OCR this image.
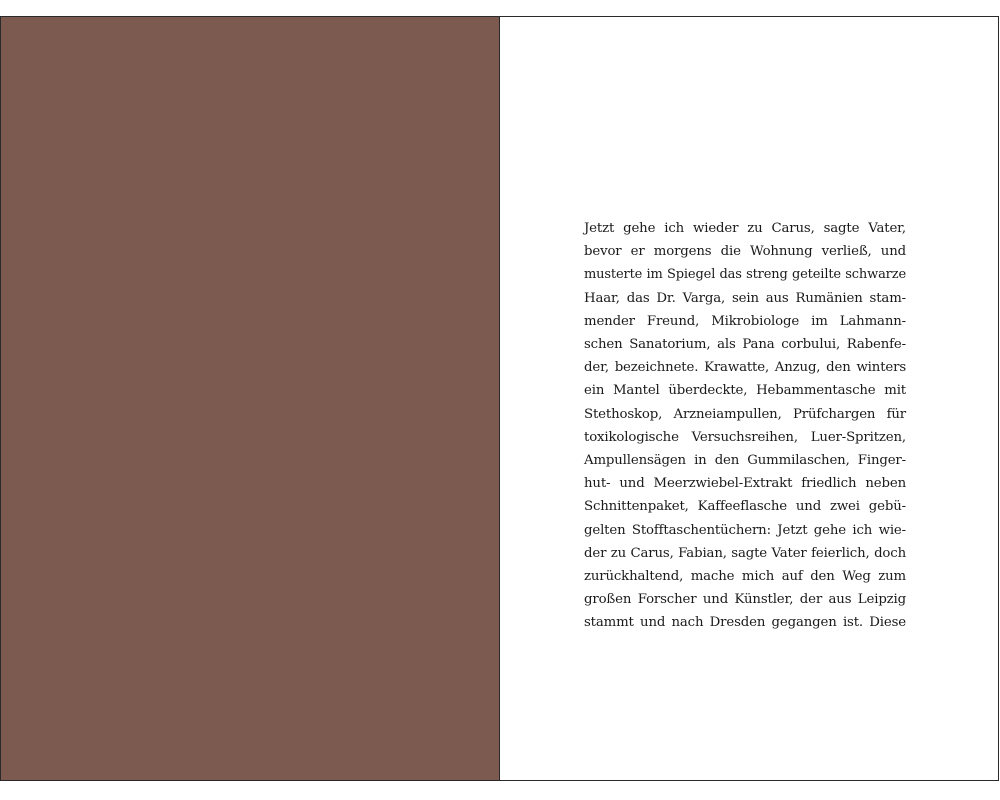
Jetzt gehe ich wieder zu Carus, sagte Vater,
bevor er morgens die Wohnung verließ, und
musterte im Spiegel das streng geteilte schwarze
Haar, das Dr. Varga, sein aus Rumänien stam-
mender Freund, Mikrobiologe im Lahmann-
schen Sanatorium, als Pana corbului, Rabenfe-
der, bezeichnete. Krawatte, Anzug, den winters
ein Mantel überdeckte, Hebammentasche mit
Stethoskop, Arzneiampullen, Prüfchargen für
toxikologische Versuchsreihen, Luer-Spritzen,
Ampullensägen in den Gummilaschen, Finger-
hut- und Meerzwiebel-Extrakt friedlich neben
Schnittenpaket, Kaffeeflasche und zwei gebü-
gelten Stofftaschentüchern: Jetzt gehe ich wie-
der zu Carus, Fabian, sagte Vater feierlich, doch
zurückhaltend, mache mich auf den Weg zum
großen Forscher und Künstler, der aus Leipzig
stammt und nach Dresden gegangen ist. Diese
